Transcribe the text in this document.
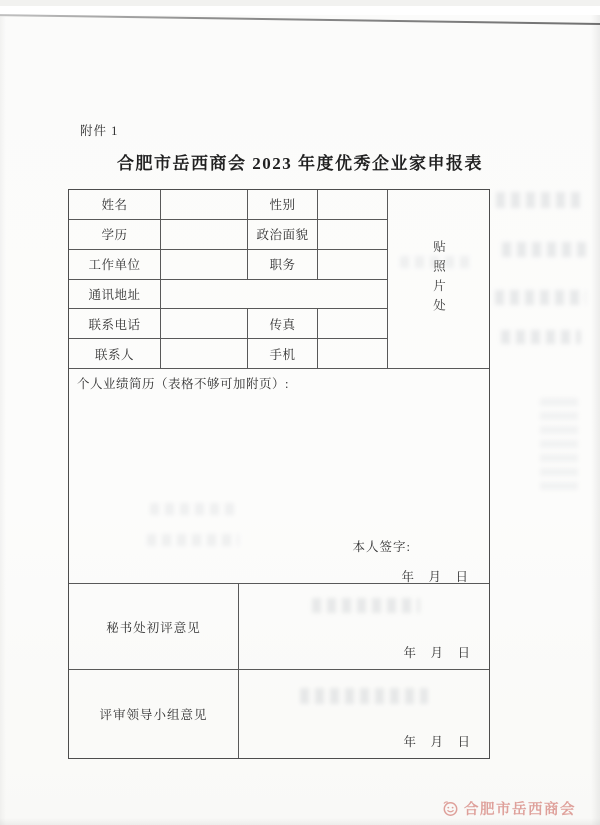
附件 1
合肥市岳西商会 2023 年度优秀企业家申报表
贴照片处
姓名	性别
学历	政治面貌
工作单位	职务
通讯地址
联系电话	传真
联系人	手机
个人业绩简历（表格不够可加附页）:
本人签字:
年　月　日
秘书处初评意见
年　月　日
评审领导小组意见
年　月　日
合肥市岳西商会
